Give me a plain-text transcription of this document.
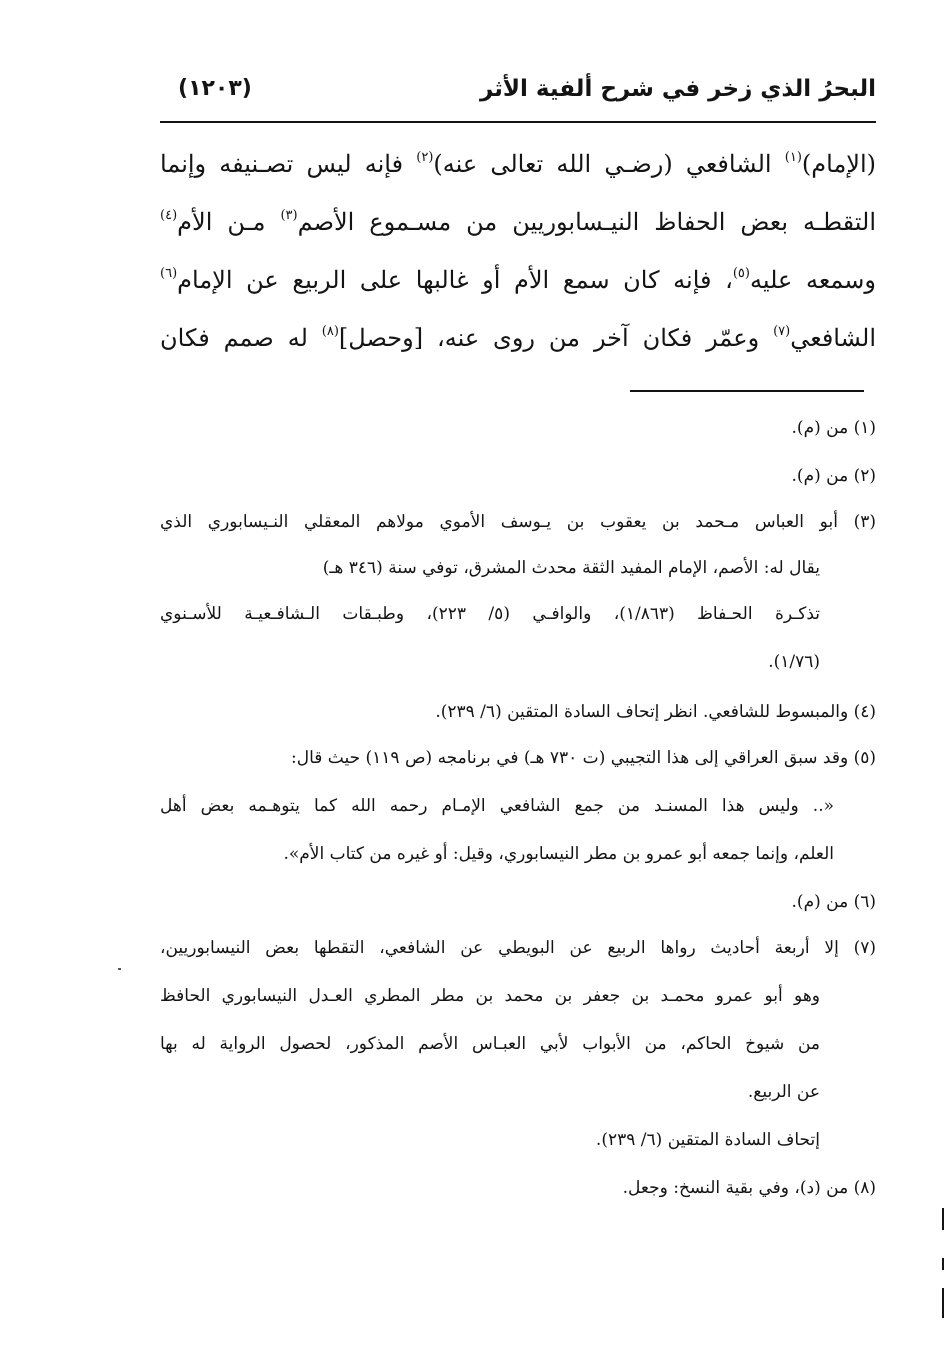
البحرُ الذي زخر في شرح ألفية الأثر
(١٢٠٣)
(الإمام)$^{(١)}$ الشافعي (رضـي الله تعالى عنه)$^{(٢)}$ فإنه ليس تصـنيفه وإنما
التقطـه بعض الحفاظ النيـسابوريين من مسـموع الأصم$^{(٣)}$ مـن الأم$^{(٤)}$
وسمعه عليه$^{(٥)}$، فإنه كان سمع الأم أو غالبها على الربيع عن الإمام$^{(٦)}$
الشافعي$^{(٧)}$ وعمّر فكان آخر من روى عنه، [وحصل]$^{(٨)}$ له صمم فكان
(١) من (م).
(٢) من (م).
(٣) أبو العباس مـحمد بن يعقوب بن يـوسف الأموي مولاهم المعقلي النـيسابوري الذي
يقال له: الأصم، الإمام المفيد الثقة محدث المشرق، توفي سنة (٣٤٦ هـ)
تذكـرة الحـفاظ (١/٨٦٣)، والوافـي (٥/ ٢٢٣)، وطبـقات الـشافـعيـة للأسـنوي
(١/٧٦).
(٤) والمبسوط للشافعي. انظر إتحاف السادة المتقين (٦/ ٢٣٩).
(٥) وقد سبق العراقي إلى هذا التجيبي (ت ٧٣٠ هـ) في برنامجه (ص ١١٩) حيث قال:
«.. وليس هذا المسنـد من جمع الشافعي الإمـام رحمه الله كما يتوهـمه بعض أهل
العلم، وإنما جمعه أبو عمرو بن مطر النيسابوري، وقيل: أو غيره من كتاب الأم».
(٦) من (م).
(٧) إلا أربعة أحاديث رواها الربيع عن البويطي عن الشافعي، التقطها بعض النيسابوريين،
وهو أبو عمرو محمـد بن جعفر بن محمد بن مطر المطري العـدل النيسابوري الحافظ
من شيوخ الحاكم، من الأبواب لأبي العبـاس الأصم المذكور، لحصول الرواية له بها
عن الربيع.
إتحاف السادة المتقين (٦/ ٢٣٩).
(٨) من (د)، وفي بقية النسخ: وجعل.
